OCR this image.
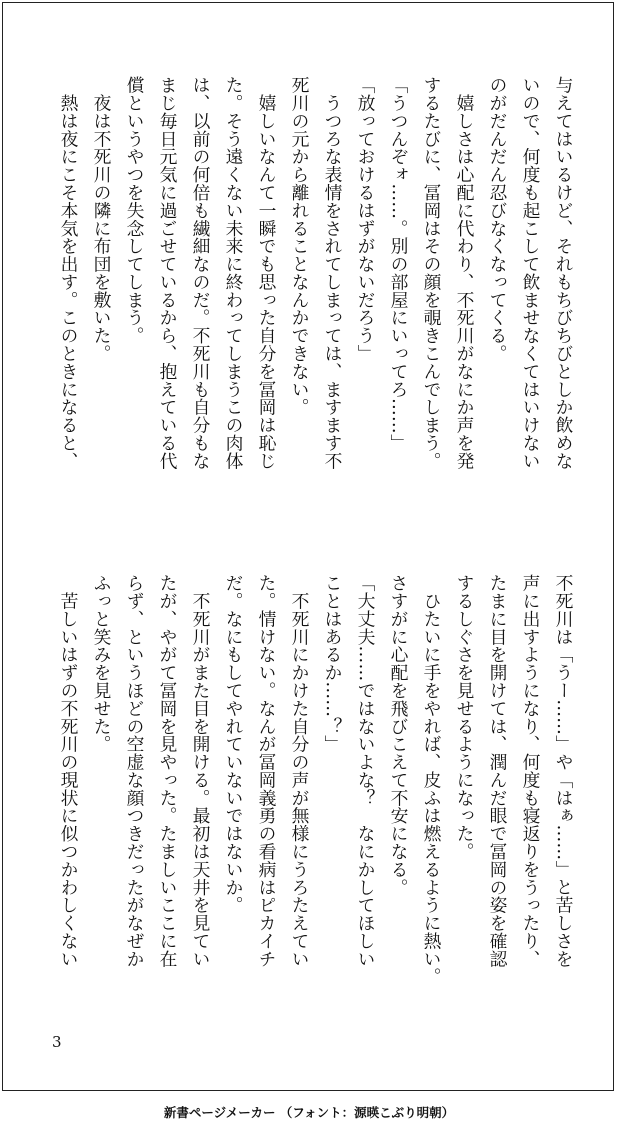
与えてはいるけど、それもちびちびとしか飲めな
いので、何度も起こして飲ませなくてはいけない
のがだんだん忍びなくなってくる。
　嬉しさは心配に代わり、不死川がなにか声を発
するたびに、冨岡はその顔を覗きこんでしまう。
「うつんぞォ……。別の部屋にいってろ……」
「放っておけるはずがないだろう」
　うつろな表情をされてしまっては、ますます不
死川の元から離れることなんかできない。
　嬉しいなんて一瞬でも思った自分を冨岡は恥じ
た。そう遠くない未来に終わってしまうこの肉体
は、以前の何倍も繊細なのだ。不死川も自分もな
まじ毎日元気に過ごせているから、抱えている代
償というやつを失念してしまう。
　夜は不死川の隣に布団を敷いた。
　熱は夜にこそ本気を出す。このときになると、
不死川は「うー……」や「はぁ……」と苦しさを
声に出すようになり、何度も寝返りをうったり、
たまに目を開けては、潤んだ眼で冨岡の姿を確認
するしぐさを見せるようになった。
　ひたいに手をやれば、皮ふは燃えるように熱い。
さすがに心配を飛びこえて不安になる。
「大丈夫……ではないよな？　なにかしてほしい
ことはあるか……？」
　不死川にかけた自分の声が無様にうろたえてい
た。情けない。なんが冨岡義勇の看病はピカイチ
だ。なにもしてやれていないではないか。
　不死川がまた目を開ける。最初は天井を見てい
たが、やがて冨岡を見やった。たましいここに在
らず、というほどの空虚な顔つきだったがなぜか
ふっと笑みを見せた。
　苦しいはずの不死川の現状に似つかわしくない
3
新書ページメーカー （フォント：源暎こぶり明朝）
